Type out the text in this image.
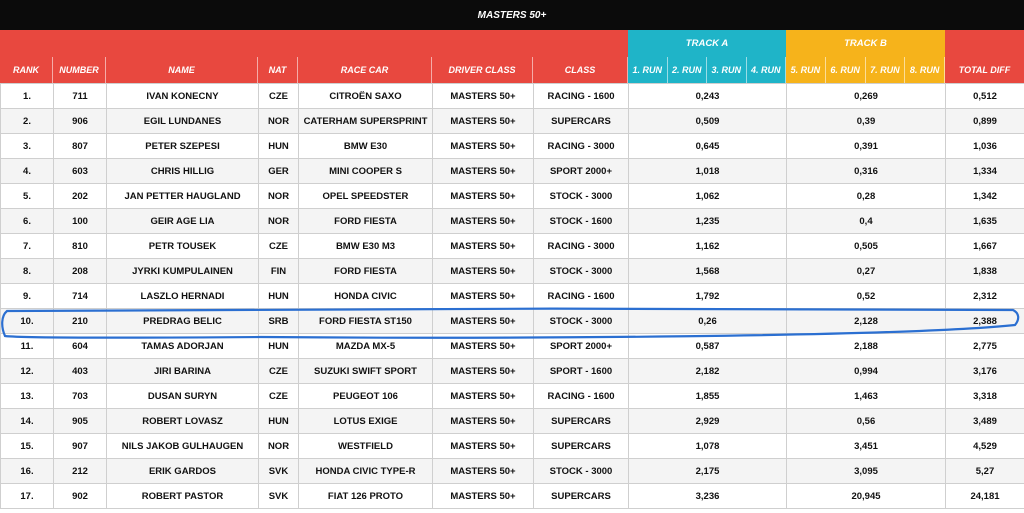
MASTERS 50+
TRACK A	TRACK B
RANK	NUMBER	NAME	NAT	RACE CAR	DRIVER CLASS	CLASS	1. RUN	2. RUN	3. RUN	4. RUN	5. RUN	6. RUN	7. RUN	8. RUN	TOTAL DIFF
1.	711	IVAN KONECNY	CZE	CITROËN SAXO	MASTERS 50+	RACING - 1600	0,243	0,269	0,512
2.	906	EGIL LUNDANES	NOR	CATERHAM SUPERSPRINT	MASTERS 50+	SUPERCARS	0,509	0,39	0,899
3.	807	PETER SZEPESI	HUN	BMW E30	MASTERS 50+	RACING - 3000	0,645	0,391	1,036
4.	603	CHRIS HILLIG	GER	MINI COOPER S	MASTERS 50+	SPORT 2000+	1,018	0,316	1,334
5.	202	JAN PETTER HAUGLAND	NOR	OPEL SPEEDSTER	MASTERS 50+	STOCK - 3000	1,062	0,28	1,342
6.	100	GEIR AGE LIA	NOR	FORD FIESTA	MASTERS 50+	STOCK - 1600	1,235	0,4	1,635
7.	810	PETR TOUSEK	CZE	BMW E30 M3	MASTERS 50+	RACING - 3000	1,162	0,505	1,667
8.	208	JYRKI KUMPULAINEN	FIN	FORD FIESTA	MASTERS 50+	STOCK - 3000	1,568	0,27	1,838
9.	714	LASZLO HERNADI	HUN	HONDA CIVIC	MASTERS 50+	RACING - 1600	1,792	0,52	2,312
10.	210	PREDRAG BELIC	SRB	FORD FIESTA ST150	MASTERS 50+	STOCK - 3000	0,26	2,128	2,388
11.	604	TAMAS ADORJAN	HUN	MAZDA MX-5	MASTERS 50+	SPORT 2000+	0,587	2,188	2,775
12.	403	JIRI BARINA	CZE	SUZUKI SWIFT SPORT	MASTERS 50+	SPORT - 1600	2,182	0,994	3,176
13.	703	DUSAN SURYN	CZE	PEUGEOT 106	MASTERS 50+	RACING - 1600	1,855	1,463	3,318
14.	905	ROBERT LOVASZ	HUN	LOTUS EXIGE	MASTERS 50+	SUPERCARS	2,929	0,56	3,489
15.	907	NILS JAKOB GULHAUGEN	NOR	WESTFIELD	MASTERS 50+	SUPERCARS	1,078	3,451	4,529
16.	212	ERIK GARDOS	SVK	HONDA CIVIC TYPE-R	MASTERS 50+	STOCK - 3000	2,175	3,095	5,27
17.	902	ROBERT PASTOR	SVK	FIAT 126 PROTO	MASTERS 50+	SUPERCARS	3,236	20,945	24,181
